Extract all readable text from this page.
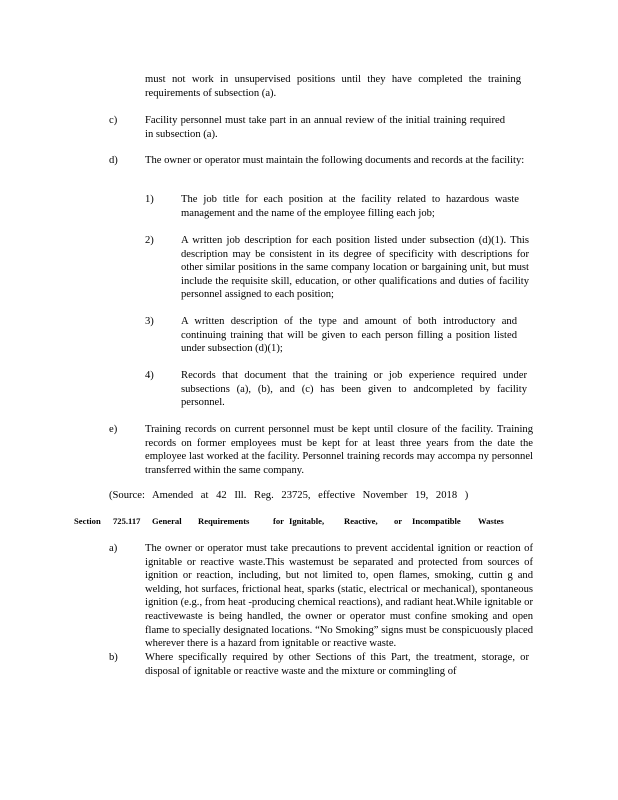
must not work in unsupervised positions until they have completed the training requirements of subsection (a).
c)	Facility personnel must take part in an annual review of the initial training required in subsection (a).
d)	The owner or operator must maintain the following documents and records at the facility:
1)	The job title for each position at the facility related to hazardous waste management and the name of the employee filling each job;
2)	A written job description for each position listed under subsection (d)(1). This description may be consistent in its degree of specificity with descriptions for other similar positions in the same company location or bargaining unit, but must include the requisite skill, education, or other qualifications and duties of facility personnel assigned to each position;
3)	A written description of the type and amount of both introductory and continuing training that will be given to each person filling a position listed under subsection (d)(1);
4)	Records that document that the training or job experience required under subsections (a), (b), and (c) has been given to andcompleted by facility personnel.
e)	Training records on current personnel must be kept until closure of the facility. Training records on former employees must be kept for at least three years from the date the employee last worked at the facility. Personnel training records may accompa ny personnel transferred within the same company.
(Source: Amended at 42 Ill. Reg. 23725, effective November 19, 2018 )
Section 725.117 General Requirements	for Ignitable, Reactive, or Incompatible Wastes
a)	The owner or operator must take precautions to prevent accidental ignition or reaction of ignitable or reactive waste.This wastemust be separated and protected from sources of ignition or reaction, including, but not limited to, open flames, smoking, cuttin g and welding, hot surfaces, frictional heat, sparks (static, electrical or mechanical), spontaneous ignition (e.g., from heat -producing chemical reactions), and radiant heat.While ignitable or reactivewaste is being handled, the owner or operator must confine smoking and open flame to specially designated locations. “No Smoking” signs must be conspicuously placed wherever there is a hazard from ignitable or reactive waste.
b)	Where specifically required by other Sections of this Part, the treatment, storage, or disposal of ignitable or reactive waste and the mixture or commingling of
